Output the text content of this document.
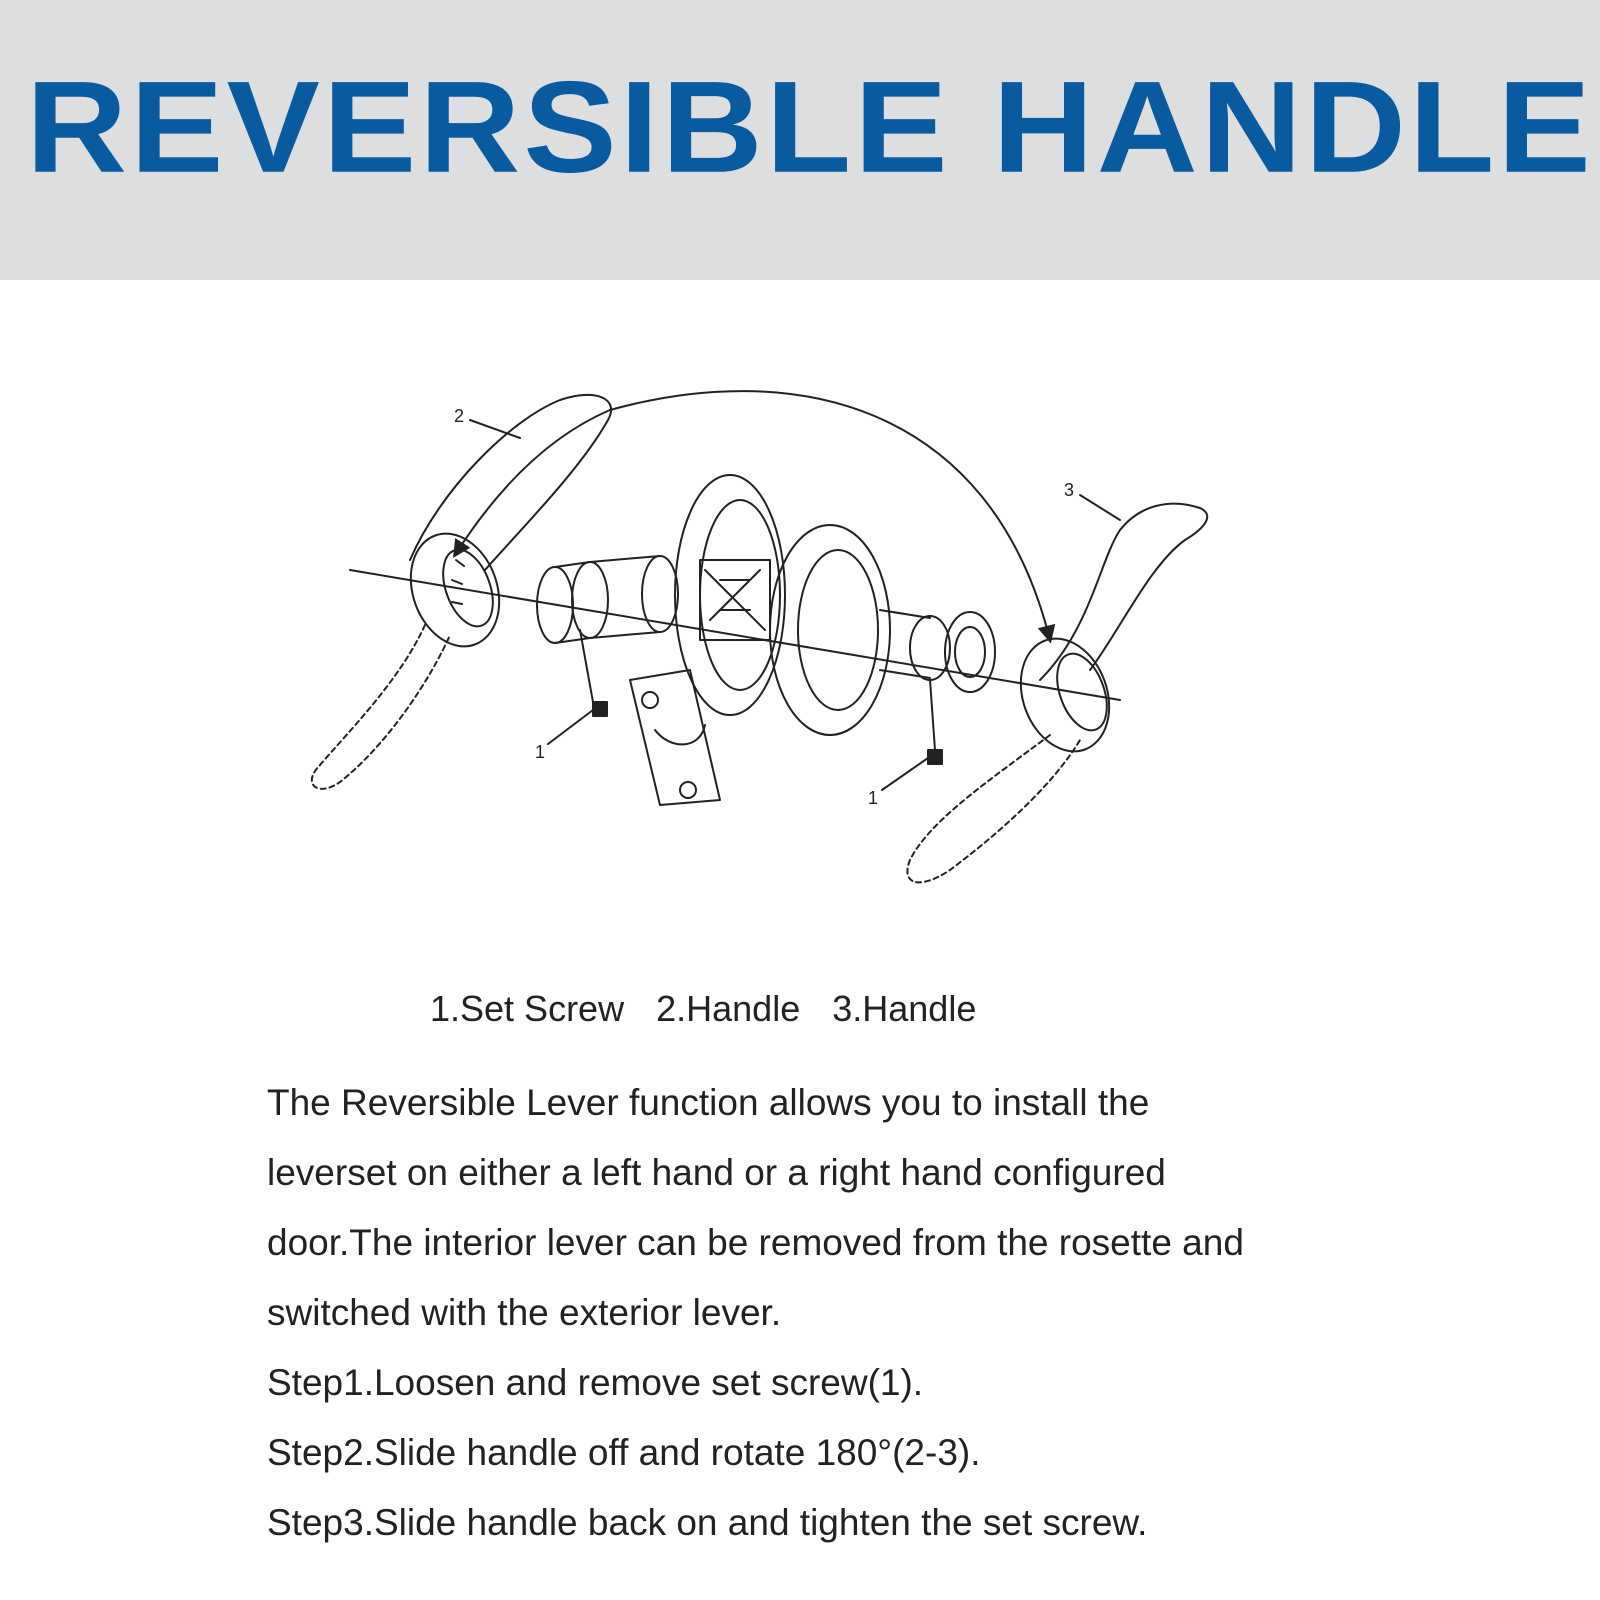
REVERSIBLE HANDLE
1
1
2
3
1.Set Screw 2.Handle 3.Handle

The Reversible Lever function allows you to install the

leverset on either a left hand or a right hand configured

door.The interior lever can be removed from the rosette and

switched with the exterior lever.

Step1.Loosen and remove set screw(1).

Step2.Slide handle off and rotate 180°(2-3).

Step3.Slide handle back on and tighten the set screw.
